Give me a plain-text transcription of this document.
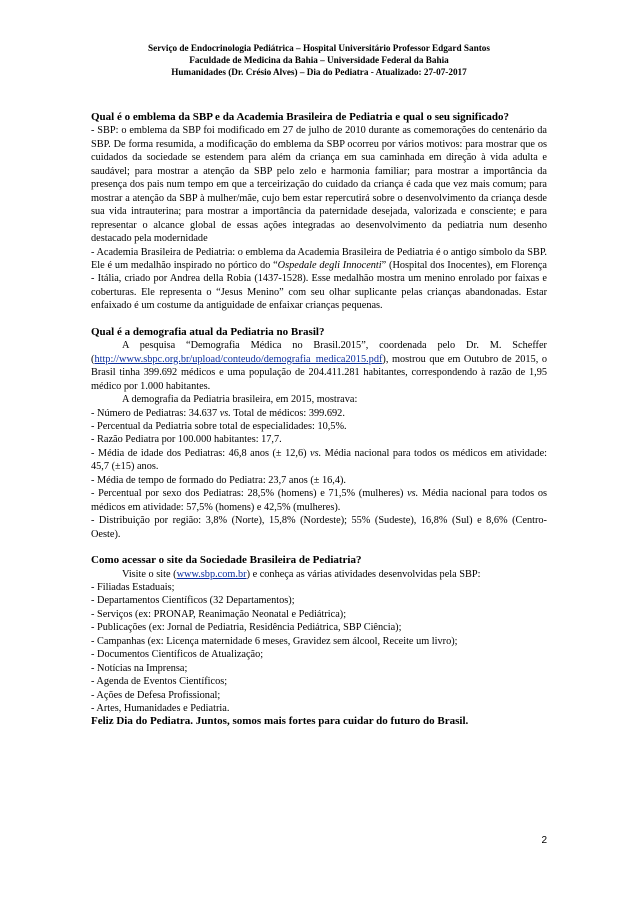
Serviço de Endocrinologia Pediátrica – Hospital Universitário Professor Edgard Santos
Faculdade de Medicina da Bahia – Universidade Federal da Bahia
Humanidades (Dr. Crésio Alves) – Dia do Pediatra - Atualizado: 27-07-2017

Qual é o emblema da SBP e da Academia Brasileira de Pediatria e qual o seu significado?

- SBP: o emblema da SBP foi modificado em 27 de julho de 2010 durante as comemorações do centenário da SBP. De forma resumida, a modificação do emblema da SBP ocorreu por vários motivos: para mostrar que os cuidados da sociedade se estendem para além da criança em sua caminhada em direção à vida adulta e saudável; para mostrar a atenção da SBP pelo zelo e harmonia familiar; para mostrar a importância da presença dos pais num tempo em que a terceirização do cuidado da criança é cada que vez mais comum; para mostrar a atenção da SBP à mulher/mãe, cujo bem estar repercutirá sobre o desenvolvimento da criança desde sua vida intrauterina; para mostrar a importância da paternidade desejada, valorizada e consciente; e para representar o alcance global de essas ações integradas ao desenvolvimento da pediatria num desenho destacado pela modernidade

- Academia Brasileira de Pediatria: o emblema da Academia Brasileira de Pediatria é o antigo símbolo da SBP. Ele é um medalhão inspirado no pórtico do “Ospedale degli Innocenti” (Hospital dos Inocentes), em Florença - Itália, criado por Andrea della Robia (1437-1528). Esse medalhão mostra um menino enrolado por faixas e coberturas. Ele representa o “Jesus Menino” com seu olhar suplicante pelas crianças abandonadas. Estar enfaixado é um costume da antiguidade de enfaixar crianças pequenas.

Qual é a demografia atual da Pediatria no Brasil?

A pesquisa “Demografia Médica no Brasil.2015”, coordenada pelo Dr. M. Scheffer (http://www.sbpc.org.br/upload/conteudo/demografia_medica2015.pdf), mostrou que em Outubro de 2015, o Brasil tinha 399.692 médicos e uma população de 204.411.281 habitantes, correspondendo à razão de 1,95 médico por 1.000 habitantes.

A demografia da Pediatria brasileira, em 2015, mostrava:

- Número de Pediatras: 34.637 vs. Total de médicos: 399.692.

- Percentual da Pediatria sobre total de especialidades: 10,5%.

- Razão Pediatra por 100.000 habitantes: 17,7.

- Média de idade dos Pediatras: 46,8 anos (± 12,6) vs. Média nacional para todos os médicos em atividade: 45,7 (±15) anos.

- Média de tempo de formado do Pediatra: 23,7 anos (± 16,4).

- Percentual por sexo dos Pediatras: 28,5% (homens) e 71,5% (mulheres) vs. Média nacional para todos os médicos em atividade: 57,5% (homens) e 42,5% (mulheres).

- Distribuição por região: 3,8% (Norte), 15,8% (Nordeste); 55% (Sudeste), 16,8% (Sul) e 8,6% (Centro-Oeste).

Como acessar o site da Sociedade Brasileira de Pediatria?

Visite o site (www.sbp.com.br) e conheça as várias atividades desenvolvidas pela SBP:

- Filiadas Estaduais;

- Departamentos Científicos (32 Departamentos);

- Serviços (ex: PRONAP, Reanimação Neonatal e Pediátrica);

- Publicações (ex: Jornal de Pediatria, Residência Pediátrica, SBP Ciência);

- Campanhas (ex: Licença maternidade 6 meses, Gravidez sem álcool, Receite um livro);

- Documentos Científicos de Atualização;

- Notícias na Imprensa;

- Agenda de Eventos Científicos;

- Ações de Defesa Profissional;

- Artes, Humanidades e Pediatria.

Feliz Dia do Pediatra. Juntos, somos mais fortes para cuidar do futuro do Brasil.

2
